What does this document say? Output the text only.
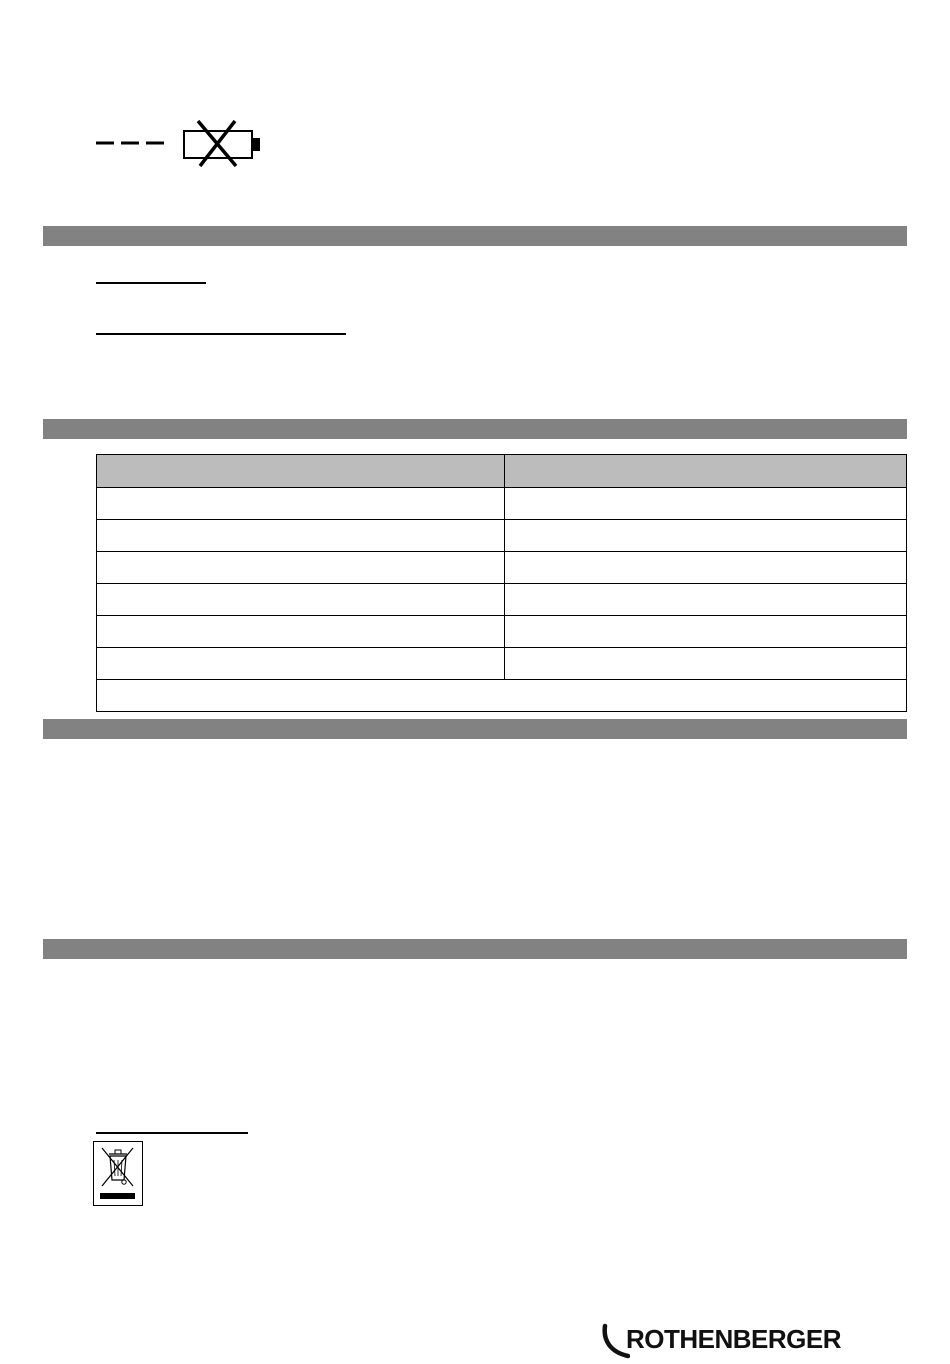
ROTHENBERGER
